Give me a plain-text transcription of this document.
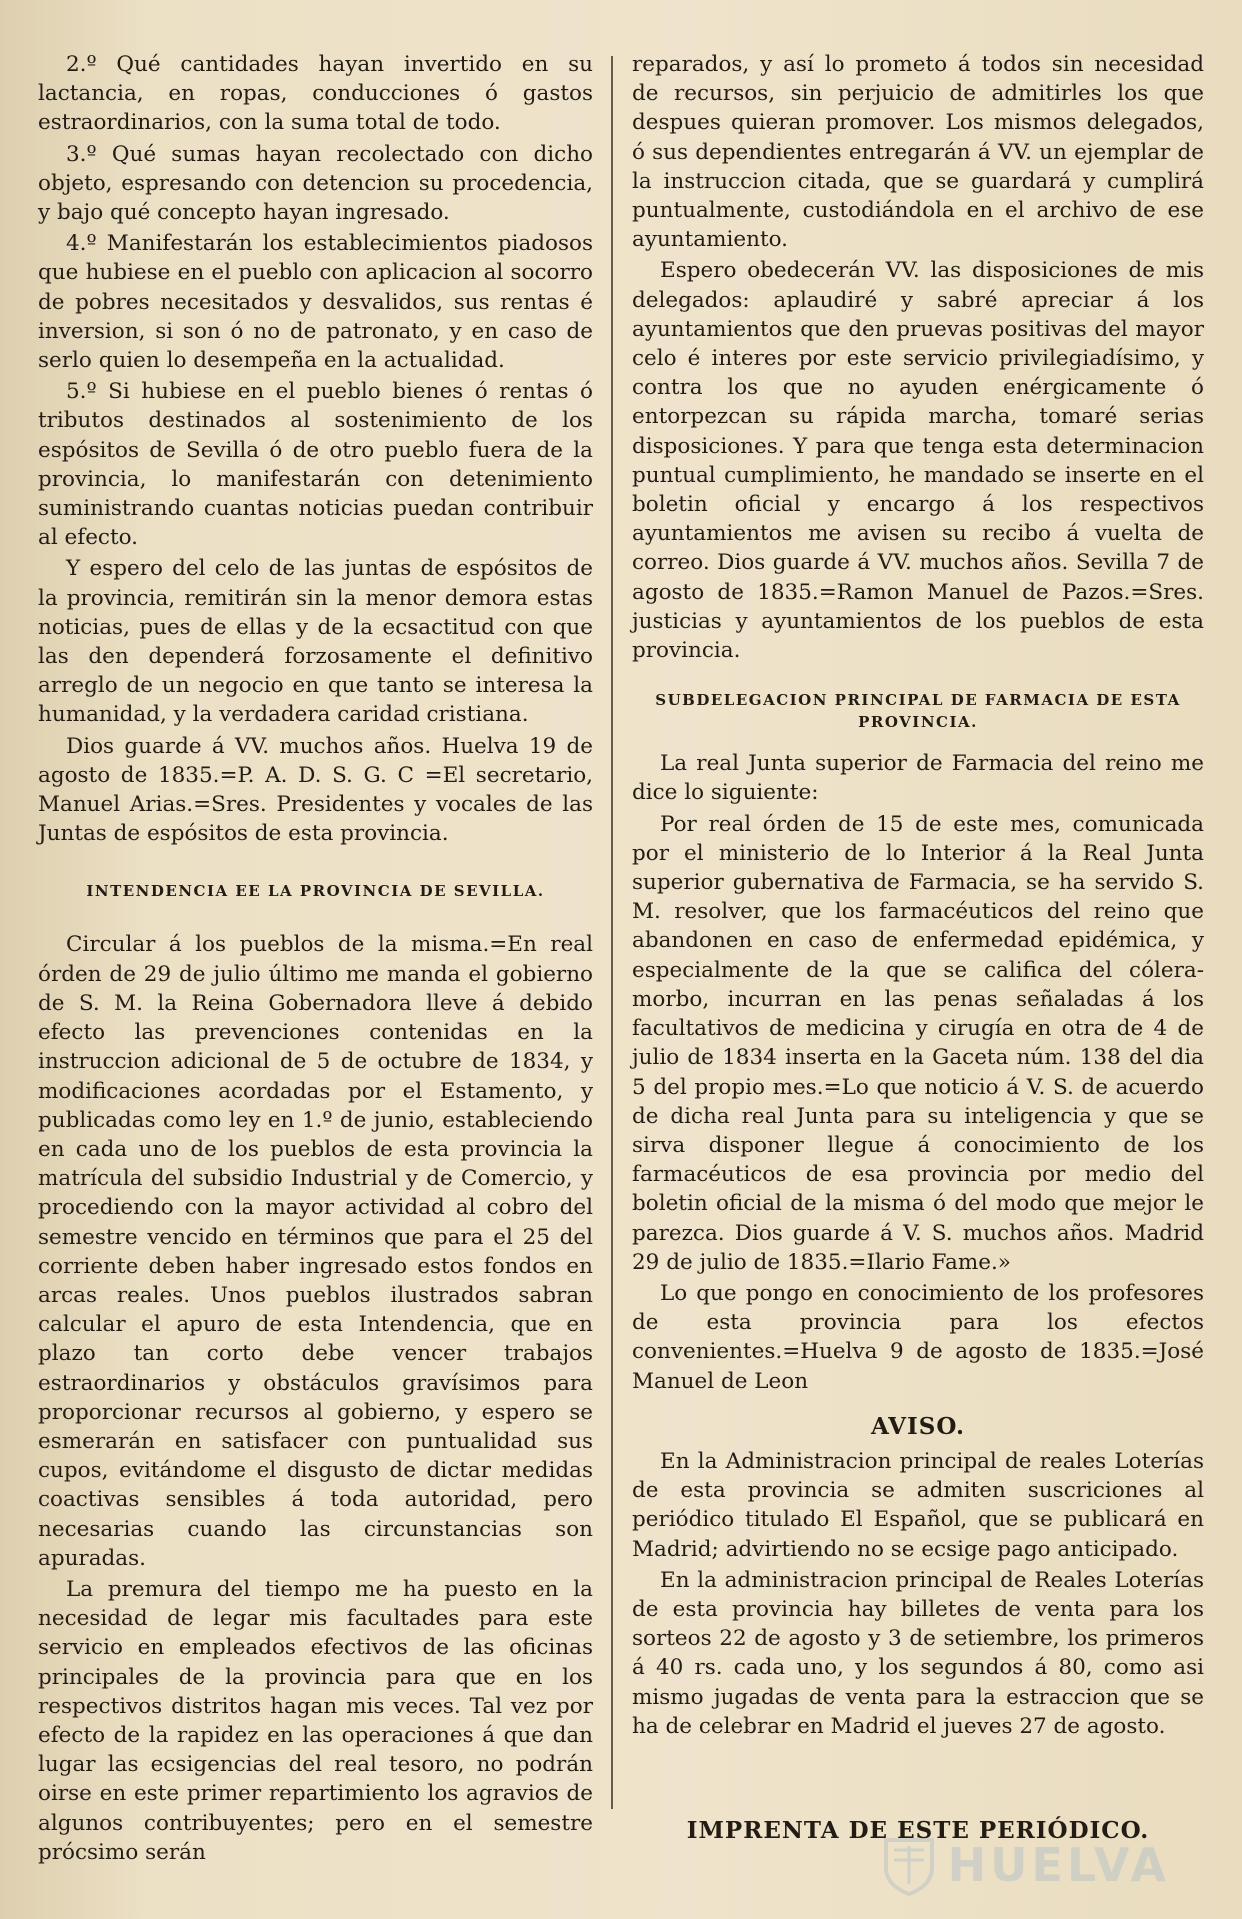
2.º Qué cantidades hayan invertido en su lactancia, en ropas, conducciones ó gastos estraordinarios, con la suma total de todo.

3.º Qué sumas hayan recolectado con dicho objeto, espresando con detencion su procedencia, y bajo qué concepto hayan ingresado.

4.º Manifestarán los establecimientos piadosos que hubiese en el pueblo con aplicacion al socorro de pobres necesitados y desvalidos, sus rentas é inversion, si son ó no de patronato, y en caso de serlo quien lo desempeña en la actualidad.

5.º Si hubiese en el pueblo bienes ó rentas ó tributos destinados al sostenimiento de los espósitos de Sevilla ó de otro pueblo fuera de la provincia, lo manifestarán con detenimiento suministrando cuantas noticias puedan contribuir al efecto.

Y espero del celo de las juntas de espósitos de la provincia, remitirán sin la menor demora estas noticias, pues de ellas y de la ecsactitud con que las den dependerá forzosamente el definitivo arreglo de un negocio en que tanto se interesa la humanidad, y la verdadera caridad cristiana.

Dios guarde á VV. muchos años. Huelva 19 de agosto de 1835.=P. A. D. S. G. C =El secretario, Manuel Arias.=Sres. Presidentes y vocales de las Juntas de espósitos de esta provincia.

INTENDENCIA EE LA PROVINCIA DE SEVILLA.

Circular á los pueblos de la misma.=En real órden de 29 de julio último me manda el gobierno de S. M. la Reina Gobernadora lleve á debido efecto las prevenciones contenidas en la instruccion adicional de 5 de octubre de 1834, y modificaciones acordadas por el Estamento, y publicadas como ley en 1.º de junio, estableciendo en cada uno de los pueblos de esta provincia la matrícula del subsidio Industrial y de Comercio, y procediendo con la mayor actividad al cobro del semestre vencido en términos que para el 25 del corriente deben haber ingresado estos fondos en arcas reales. Unos pueblos ilustrados sabran calcular el apuro de esta Intendencia, que en plazo tan corto debe vencer trabajos estraordinarios y obstáculos gravísimos para proporcionar recursos al gobierno, y espero se esmerarán en satisfacer con puntualidad sus cupos, evitándome el disgusto de dictar medidas coactivas sensibles á toda autoridad, pero necesarias cuando las circunstancias son apuradas.

La premura del tiempo me ha puesto en la necesidad de legar mis facultades para este servicio en empleados efectivos de las oficinas principales de la provincia para que en los respectivos distritos hagan mis veces. Tal vez por efecto de la rapidez en las operaciones á que dan lugar las ecsigencias del real tesoro, no podrán oirse en este primer repartimiento los agravios de algunos contribuyentes; pero en el semestre prócsimo serán

reparados, y así lo prometo á todos sin necesidad de recursos, sin perjuicio de admitirles los que despues quieran promover. Los mismos delegados, ó sus dependientes entregarán á VV. un ejemplar de la instruccion citada, que se guardará y cumplirá puntualmente, custodiándola en el archivo de ese ayuntamiento.

Espero obedecerán VV. las disposiciones de mis delegados: aplaudiré y sabré apreciar á los ayuntamientos que den pruevas positivas del mayor celo é interes por este servicio privilegiadísimo, y contra los que no ayuden enérgicamente ó entorpezcan su rápida marcha, tomaré serias disposiciones. Y para que tenga esta determinacion puntual cumplimiento, he mandado se inserte en el boletin oficial y encargo á los respectivos ayuntamientos me avisen su recibo á vuelta de correo. Dios guarde á VV. muchos años. Sevilla 7 de agosto de 1835.=Ramon Manuel de Pazos.=Sres. justicias y ayuntamientos de los pueblos de esta provincia.

SUBDELEGACION PRINCIPAL DE FARMACIA DE ESTA PROVINCIA.

La real Junta superior de Farmacia del reino me dice lo siguiente:

Por real órden de 15 de este mes, comunicada por el ministerio de lo Interior á la Real Junta superior gubernativa de Farmacia, se ha servido S. M. resolver, que los farmacéuticos del reino que abandonen en caso de enfermedad epidémica, y especialmente de la que se califica del cólera-morbo, incurran en las penas señaladas á los facultativos de medicina y cirugía en otra de 4 de julio de 1834 inserta en la Gaceta núm. 138 del dia 5 del propio mes.=Lo que noticio á V. S. de acuerdo de dicha real Junta para su inteligencia y que se sirva disponer llegue á conocimiento de los farmacéuticos de esa provincia por medio del boletin oficial de la misma ó del modo que mejor le parezca. Dios guarde á V. S. muchos años. Madrid 29 de julio de 1835.=Ilario Fame.»

Lo que pongo en conocimiento de los profesores de esta provincia para los efectos convenientes.=Huelva 9 de agosto de 1835.=José Manuel de Leon

AVISO.

En la Administracion principal de reales Loterías de esta provincia se admiten suscriciones al periódico titulado El Español, que se publicará en Madrid; advirtiendo no se ecsige pago anticipado.

En la administracion principal de Reales Loterías de esta provincia hay billetes de venta para los sorteos 22 de agosto y 3 de setiembre, los primeros á 40 rs. cada uno, y los segundos á 80, como asi mismo jugadas de venta para la estraccion que se ha de celebrar en Madrid el jueves 27 de agosto.

IMPRENTA DE ESTE PERIÓDICO.
HUELVA
